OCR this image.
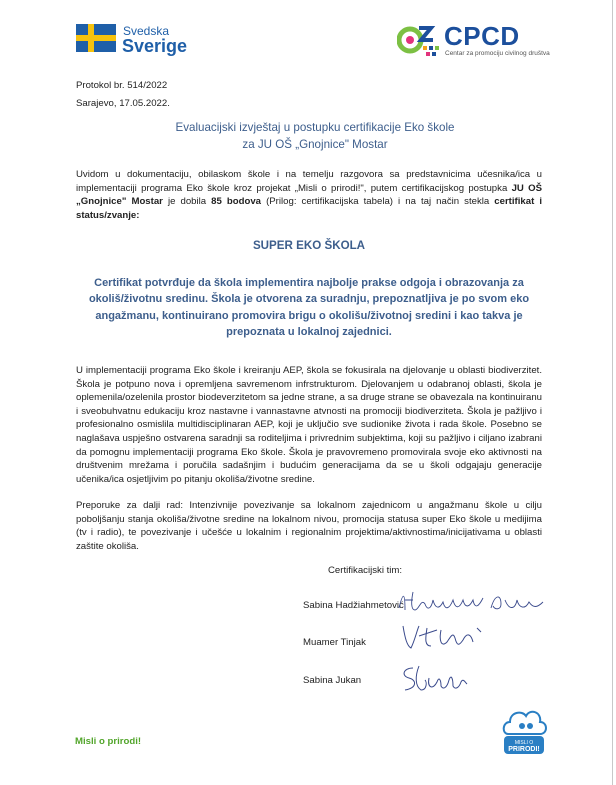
Svedska
Sverige	CPCD
Centar za promociju civilnog društva
Protokol br. 514/2022
Sarajevo, 17.05.2022.
Evaluacijski izvještaj u postupku certifikacije Eko škole
za JU OŠ „Gnojnice" Mostar
Uvidom u dokumentaciju, obilaskom škole i na temelju razgovora sa predstavnicima učesnika/ica u implementaciji programa Eko škole kroz projekat „Misli o prirodi!", putem certifikacijskog postupka JU OŠ „Gnojnice" Mostar je dobila 85 bodova (Prilog: certifikacijska tabela) i na taj način stekla certifikat i status/zvanje:
SUPER EKO ŠKOLA
Certifikat potvrđuje da škola implementira najbolje prakse odgoja i obrazovanja za okoliš/životnu sredinu. Škola je otvorena za suradnju, prepoznatljiva je po svom eko angažmanu, kontinuirano promovira brigu o okolišu/životnoj sredini i kao takva je prepoznata u lokalnoj zajednici.
U implementaciji programa Eko škole i kreiranju AEP, škola se fokusirala na djelovanje u oblasti biodiverzitet. Škola je potpuno nova i opremljena savremenom infrstrukturom. Djelovanjem u odabranoj oblasti, škola je oplemenila/ozelenila prostor biodeverzitetom sa jedne strane, a sa druge strane se obavezala na kontinuiranu i sveobuhvatnu edukaciju kroz nastavne i vannastavne atvnosti na promociji biodiverziteta. Škola je pažljivo i profesionalno osmislila multidisciplinaran AEP, koji je uključio sve sudionike života i rada škole. Posebno se naglašava uspješno ostvarena saradnji sa roditeljima i privrednim subjektima, koji su pažljivo i ciljano izabrani da pomognu implementaciji programa Eko škole. Škola je pravovremeno promovirala svoje eko aktivnosti na društvenim mrežama i poručila sadašnjim i budućim generacijama da se u školi odgajaju generacije učenika/ica osjetljivim po pitanju okoliša/životne sredine.
Preporuke za dalji rad: Intenzivnije povezivanje sa lokalnom zajednicom u angažmanu škole u cilju poboljšanju stanja okoliša/životne sredine na lokalnom nivou, promocija statusa super Eko škole u medijima (tv i radio), te povezivanje i učešće u lokalnim i regionalnim projektima/aktivnostima/inicijativama u oblasti zaštite okoliša.
Certifikacijski tim:
Sabina Hadžiahmetović
Muamer Tinjak
Sabina Jukan
Misli o prirodi!	MISLI O
PRIRODI!
